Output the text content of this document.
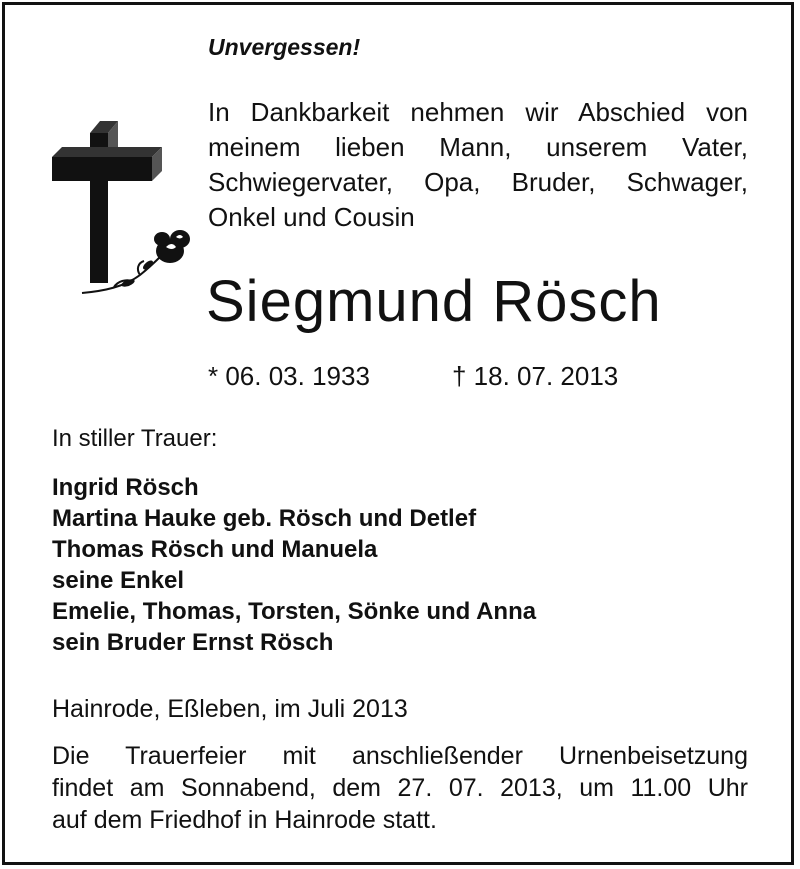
Unvergessen!

In Dankbarkeit nehmen wir Abschied von
meinem lieben Mann, unserem Vater,
Schwiegervater, Opa, Bruder, Schwager,
Onkel und Cousin

Siegmund Rösch

* 06. 03. 1933	† 18. 07. 2013

In stiller Trauer:

Ingrid Rösch
Martina Hauke geb. Rösch und Detlef
Thomas Rösch und Manuela
seine Enkel
Emelie, Thomas, Torsten, Sönke und Anna
sein Bruder Ernst Rösch

Hainrode, Eßleben, im Juli 2013

Die Trauerfeier mit anschließender Urnenbeisetzung
findet am Sonnabend, dem 27. 07. 2013, um 11.00 Uhr
auf dem Friedhof in Hainrode statt.
